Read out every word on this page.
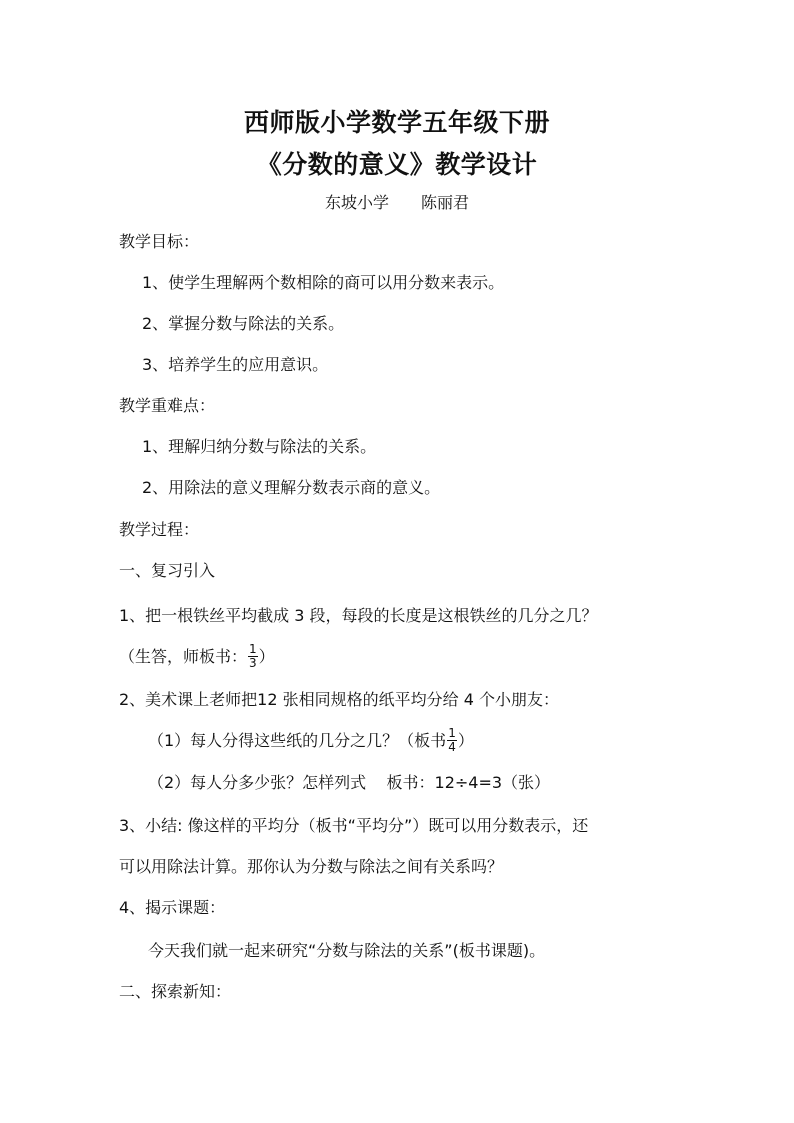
西师版小学数学五年级下册
《分数的意义》教学设计
东坡小学 陈丽君
教学目标：
1、使学生理解两个数相除的商可以用分数来表示。
2、掌握分数与除法的关系。
3、培养学生的应用意识。
教学重难点：
1、理解归纳分数与除法的关系。
2、用除法的意义理解分数表示商的意义。
教学过程：
一、复习引入
1、把一根铁丝平均截成 3 段，每段的长度是这根铁丝的几分之几？
（生答，师板书： $\frac{1}{3}$ ）
2、美术课上老师把12 张相同规格的纸平均分给 4 个小朋友：
（1）每人分得这些纸的几分之几？（板书 $\frac{1}{4}$ ）
（2）每人分多少张？怎样列式    板书：12÷4=3（张）
3、小结: 像这样的平均分（板书“平均分”）既可以用分数表示，还
可以用除法计算。那你认为分数与除法之间有关系吗？
4、揭示课题：
今天我们就一起来研究“分数与除法的关系”(板书课题)。
二、探索新知：
